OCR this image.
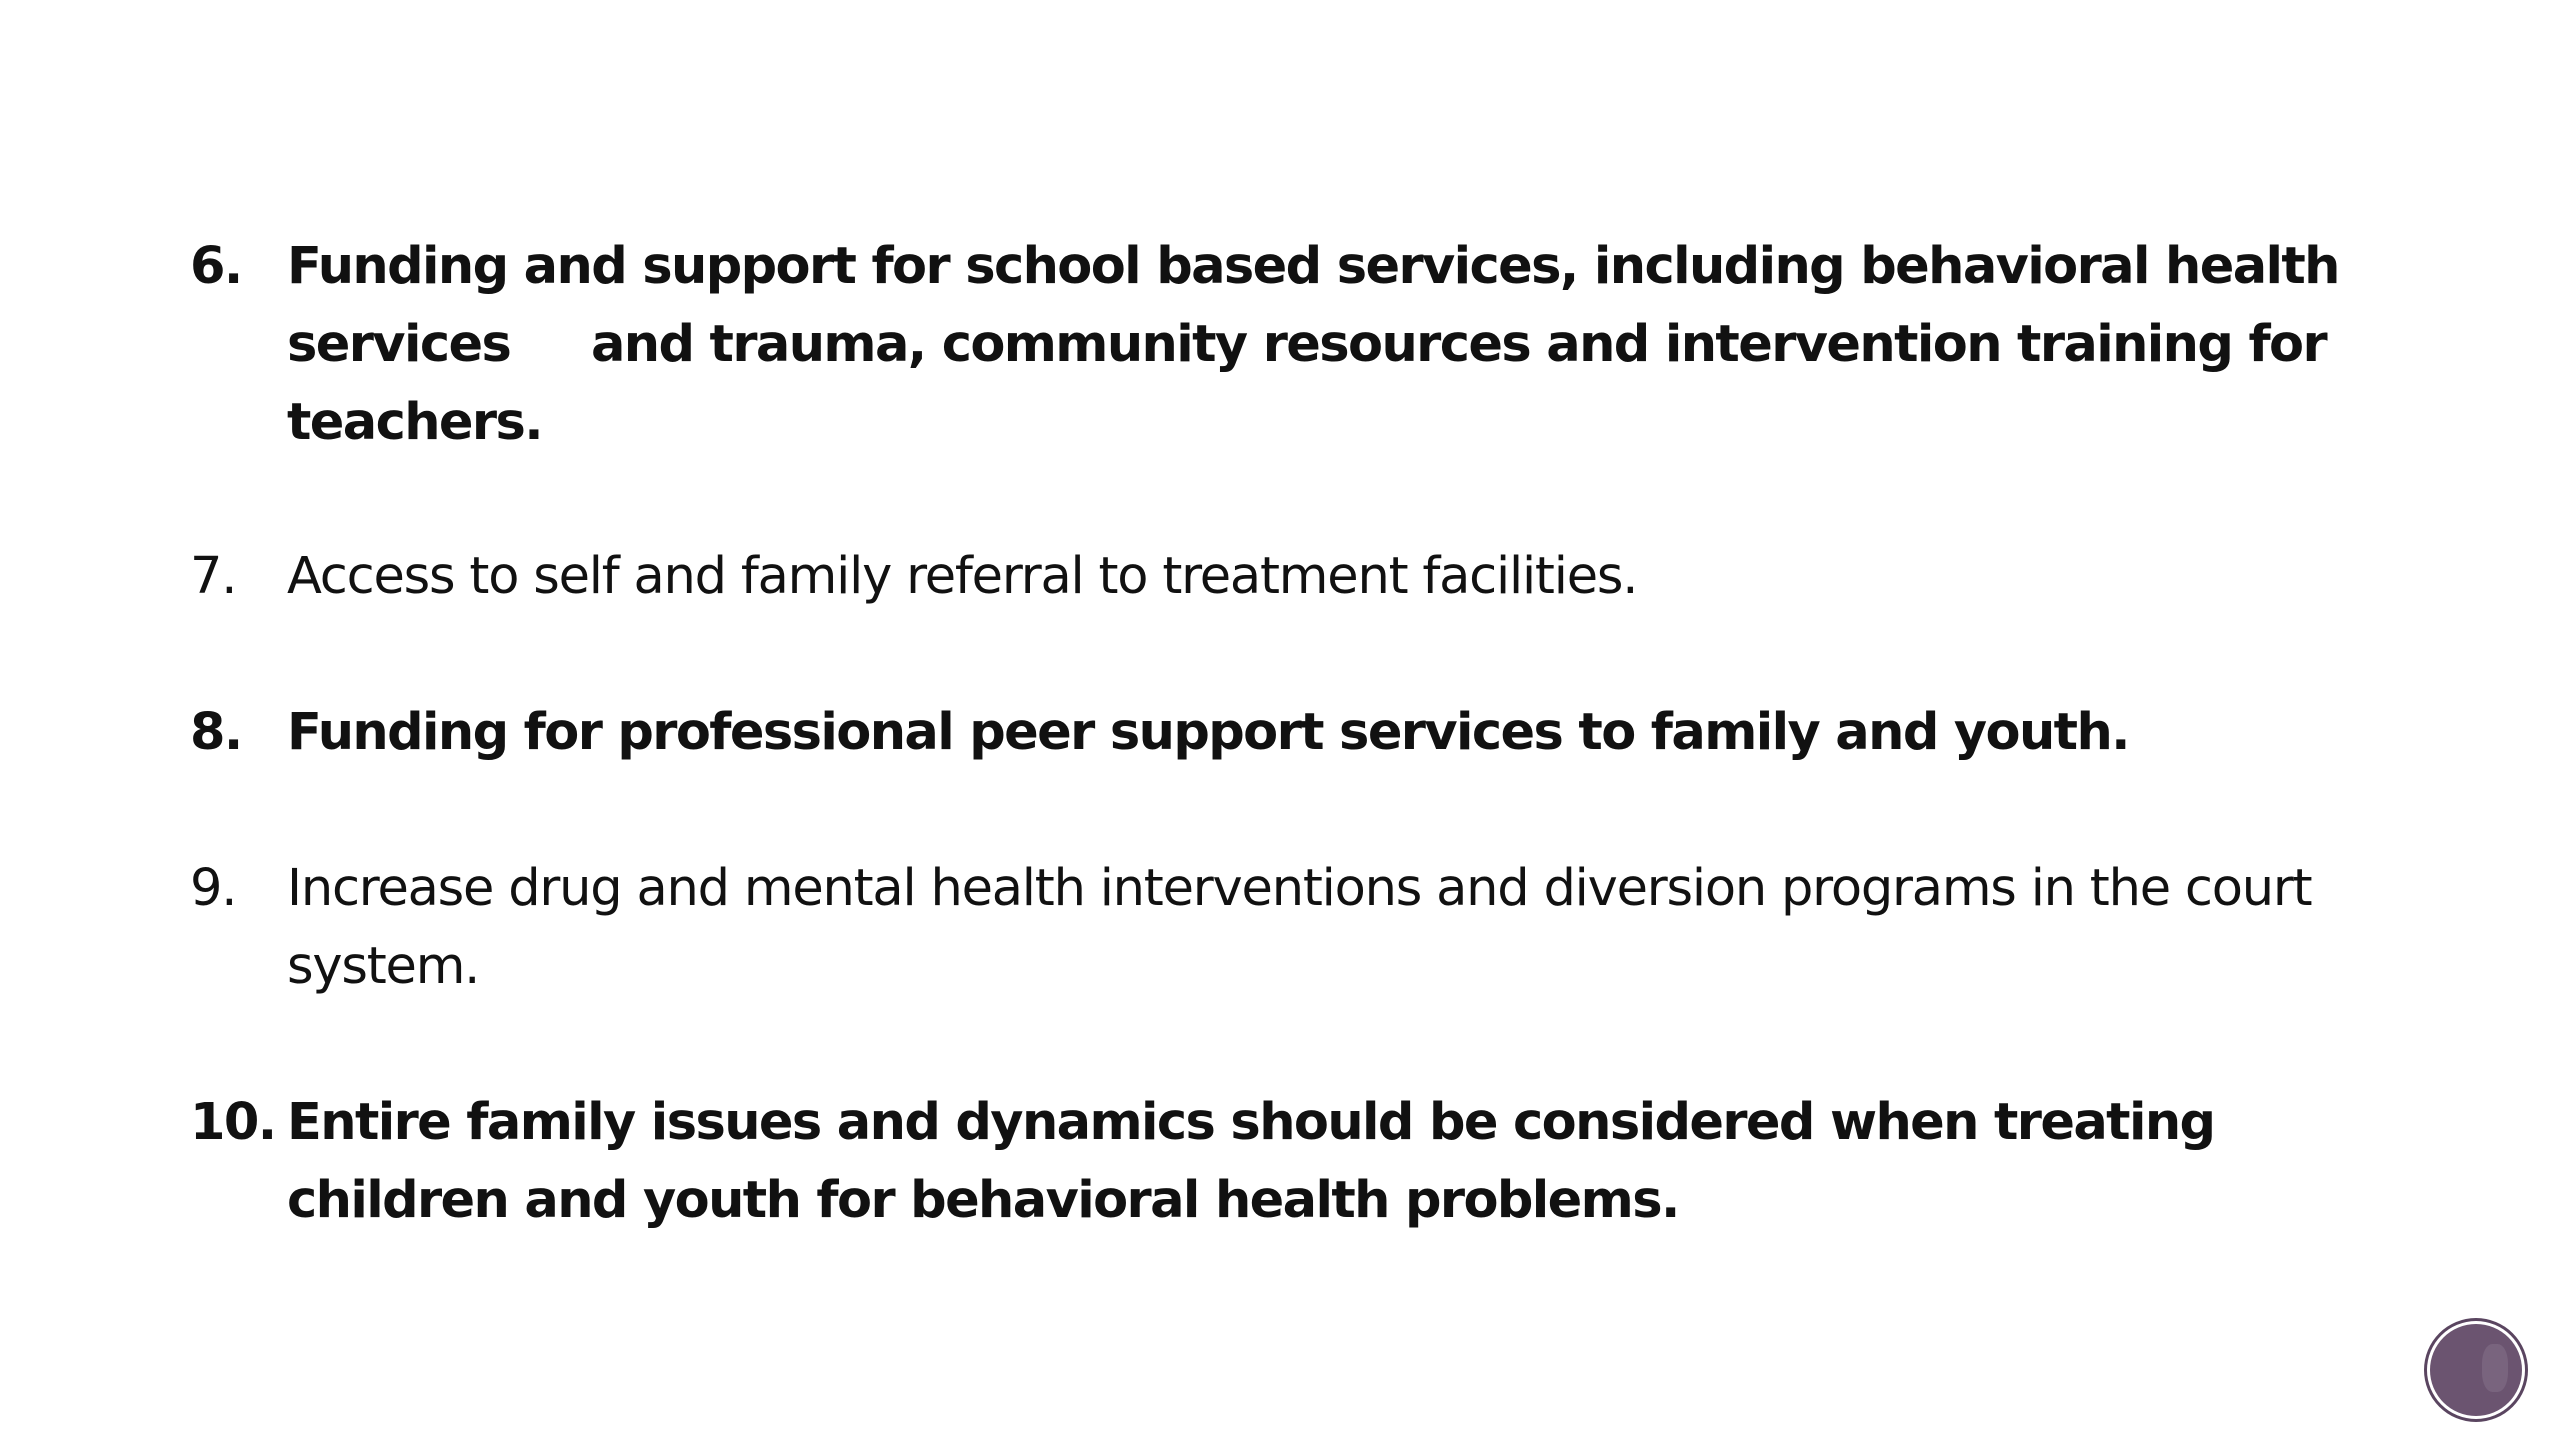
6. Funding and support for school based services, including behavioral health services     and trauma, community resources and intervention training for teachers.
7. Access to self and family referral to treatment facilities.
8. Funding for professional peer support services to family and youth.
9. Increase drug and mental health interventions and diversion programs in the court system.
10. Entire family issues and dynamics should be considered when treating children and youth for behavioral health problems.
